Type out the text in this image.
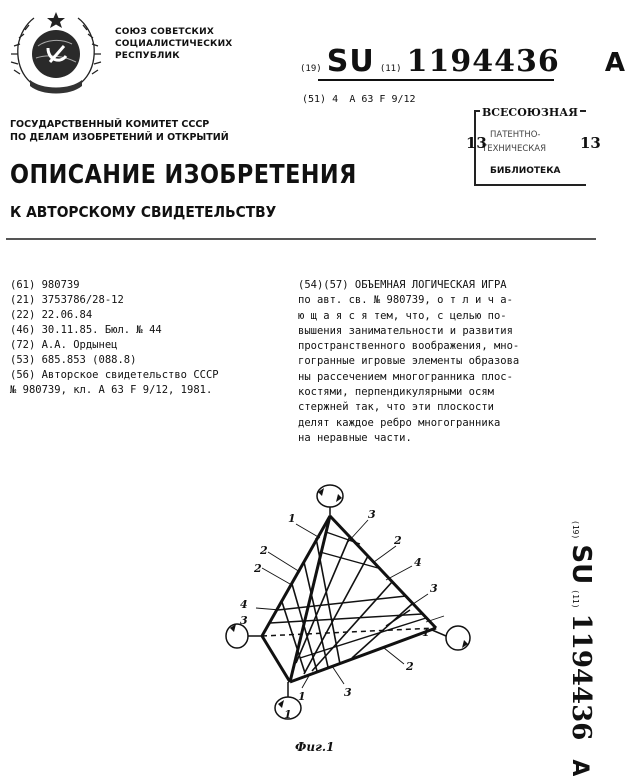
СОЮЗ СОВЕТСКИХ
СОЦИАЛИСТИЧЕСКИХ
РЕСПУБЛИК
(19) SU (11) 1194436 A
(51) 4 A 63 F 9/12
ГОСУДАРСТВЕННЫЙ КОМИТЕТ СССР
ПО ДЕЛАМ ИЗОБРЕТЕНИЙ И ОТКРЫТИЙ
ВСЕСОЮЗНАЯ
ПАТЕНТНО-
ТЕХНИЧЕСКАЯ
БИБЛИОТЕКА
13	13
ОПИСАНИЕ ИЗОБРЕТЕНИЯ
К АВТОРСКОМУ СВИДЕТЕЛЬСТВУ
(61) 980739
(21) 3753786/28-12
(22) 22.06.84
(46) 30.11.85. Бюл. № 44
(72) А.А. Ордынец
(53) 685.853 (088.8)
(56) Авторское свидетельство СССР
№ 980739, кл. A 63 F 9/12, 1981.
(54)(57) ОБЪЕМНАЯ ЛОГИЧЕСКАЯ ИГРА
по авт. св. № 980739, о т л и ч а-
ю щ а я с я тем, что, с целью по-
вышения занимательности и развития
пространственного воображения, мно-
гогранные игровые элементы образова
ны рассечением многогранника плос-
костями, перпендикулярными осям
стержней так, что эти плоскости
делят каждое ребро многогранника
на неравные части.
1
1
1
1
2
2
2
2
3
3
3
3
4
4
Фиг.1
(19) SU (11) 1194436 A
